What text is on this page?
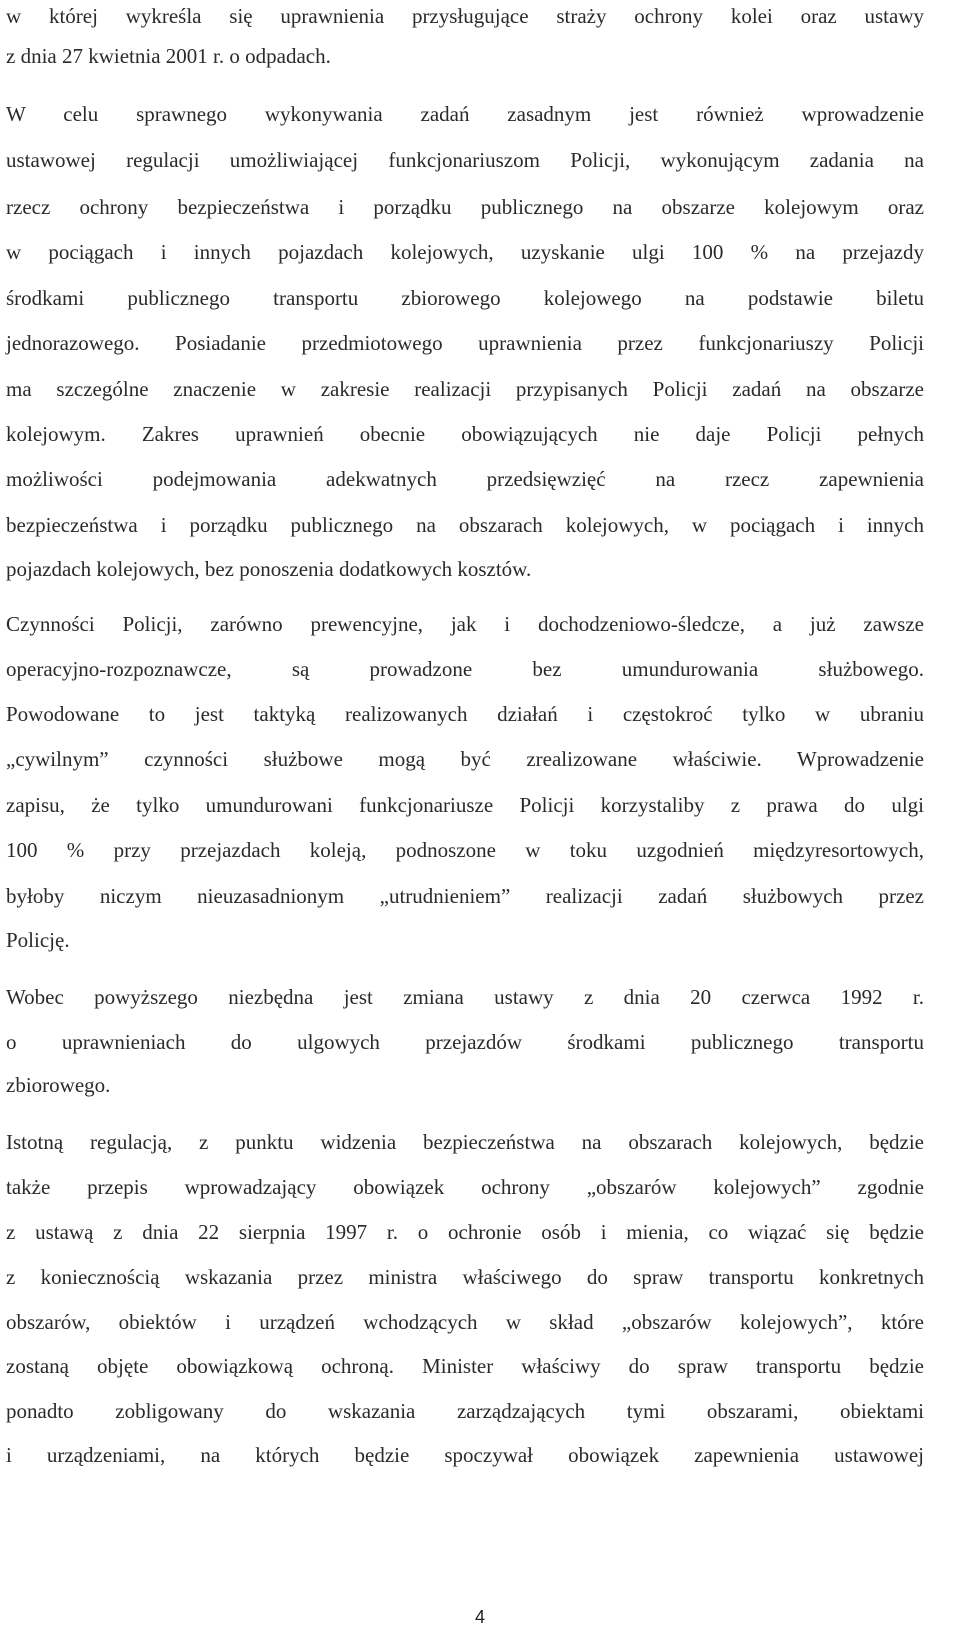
w której wykreśla się uprawnienia przysługujące straży ochrony kolei oraz ustawy
z dnia 27 kwietnia 2001 r. o odpadach.
W celu sprawnego wykonywania zadań zasadnym jest również wprowadzenie
ustawowej regulacji umożliwiającej funkcjonariuszom Policji, wykonującym zadania na
rzecz ochrony bezpieczeństwa i porządku publicznego na obszarze kolejowym oraz
w pociągach i innych pojazdach kolejowych, uzyskanie ulgi 100 % na przejazdy
środkami publicznego transportu zbiorowego kolejowego na podstawie biletu
jednorazowego. Posiadanie przedmiotowego uprawnienia przez funkcjonariuszy Policji
ma szczególne znaczenie w zakresie realizacji przypisanych Policji zadań na obszarze
kolejowym. Zakres uprawnień obecnie obowiązujących nie daje Policji pełnych
możliwości podejmowania adekwatnych przedsięwzięć na rzecz zapewnienia
bezpieczeństwa i porządku publicznego na obszarach kolejowych, w pociągach i innych
pojazdach kolejowych, bez ponoszenia dodatkowych kosztów.
Czynności Policji, zarówno prewencyjne, jak i dochodzeniowo-śledcze, a już zawsze
operacyjno-rozpoznawcze, są prowadzone bez umundurowania służbowego.
Powodowane to jest taktyką realizowanych działań i częstokroć tylko w ubraniu
„cywilnym” czynności służbowe mogą być zrealizowane właściwie. Wprowadzenie
zapisu, że tylko umundurowani funkcjonariusze Policji korzystaliby z prawa do ulgi
100 % przy przejazdach koleją, podnoszone w toku uzgodnień międzyresortowych,
byłoby niczym nieuzasadnionym „utrudnieniem” realizacji zadań służbowych przez
Policję.
Wobec powyższego niezbędna jest zmiana ustawy z dnia 20 czerwca 1992 r.
o uprawnieniach do ulgowych przejazdów środkami publicznego transportu
zbiorowego.
Istotną regulacją, z punktu widzenia bezpieczeństwa na obszarach kolejowych, będzie
także przepis wprowadzający obowiązek ochrony „obszarów kolejowych” zgodnie
z ustawą z dnia 22 sierpnia 1997 r. o ochronie osób i mienia, co wiązać się będzie
z koniecznością wskazania przez ministra właściwego do spraw transportu konkretnych
obszarów, obiektów i urządzeń wchodzących w skład „obszarów kolejowych”, które
zostaną objęte obowiązkową ochroną. Minister właściwy do spraw transportu będzie
ponadto zobligowany do wskazania zarządzających tymi obszarami, obiektami
i urządzeniami, na których będzie spoczywał obowiązek zapewnienia ustawowej
4
